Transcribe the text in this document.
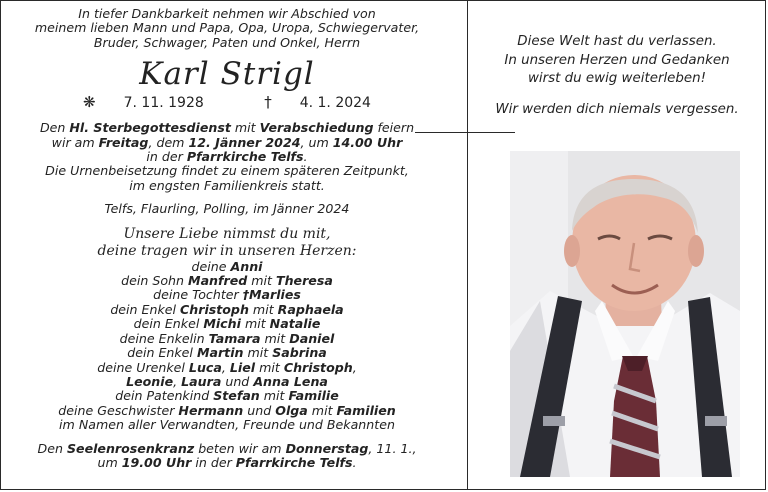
In tiefer Dankbarkeit nehmen wir Abschied von
meinem lieben Mann und Papa, Opa, Uropa, Schwiegervater,
Bruder, Schwager, Paten und Onkel, Herrn

Karl Strigl

❋ 7. 11. 1928	† 4. 1. 2024

Den Hl. Sterbegottesdienst mit Verabschiedung feiern
wir am Freitag, dem 12. Jänner 2024, um 14.00 Uhr
in der Pfarrkirche Telfs.
Die Urnenbeisetzung findet zu einem späteren Zeitpunkt,
im engsten Familienkreis statt.

Telfs, Flaurling, Polling, im Jänner 2024

Unsere Liebe nimmst du mit,
deine tragen wir in unseren Herzen:

deine Anni
dein Sohn Manfred mit Theresa
deine Tochter †Marlies
dein Enkel Christoph mit Raphaela
dein Enkel Michi mit Natalie
deine Enkelin Tamara mit Daniel
dein Enkel Martin mit Sabrina
deine Urenkel Luca, Liel mit Christoph,
Leonie, Laura und Anna Lena
dein Patenkind Stefan mit Familie
deine Geschwister Hermann und Olga mit Familien
im Namen aller Verwandten, Freunde und Bekannten

Den Seelenrosenkranz beten wir am Donnerstag, 11. 1.,
um 19.00 Uhr in der Pfarrkirche Telfs.

Diese Welt hast du verlassen.
In unseren Herzen und Gedanken
wirst du ewig weiterleben!

Wir werden dich niemals vergessen.
